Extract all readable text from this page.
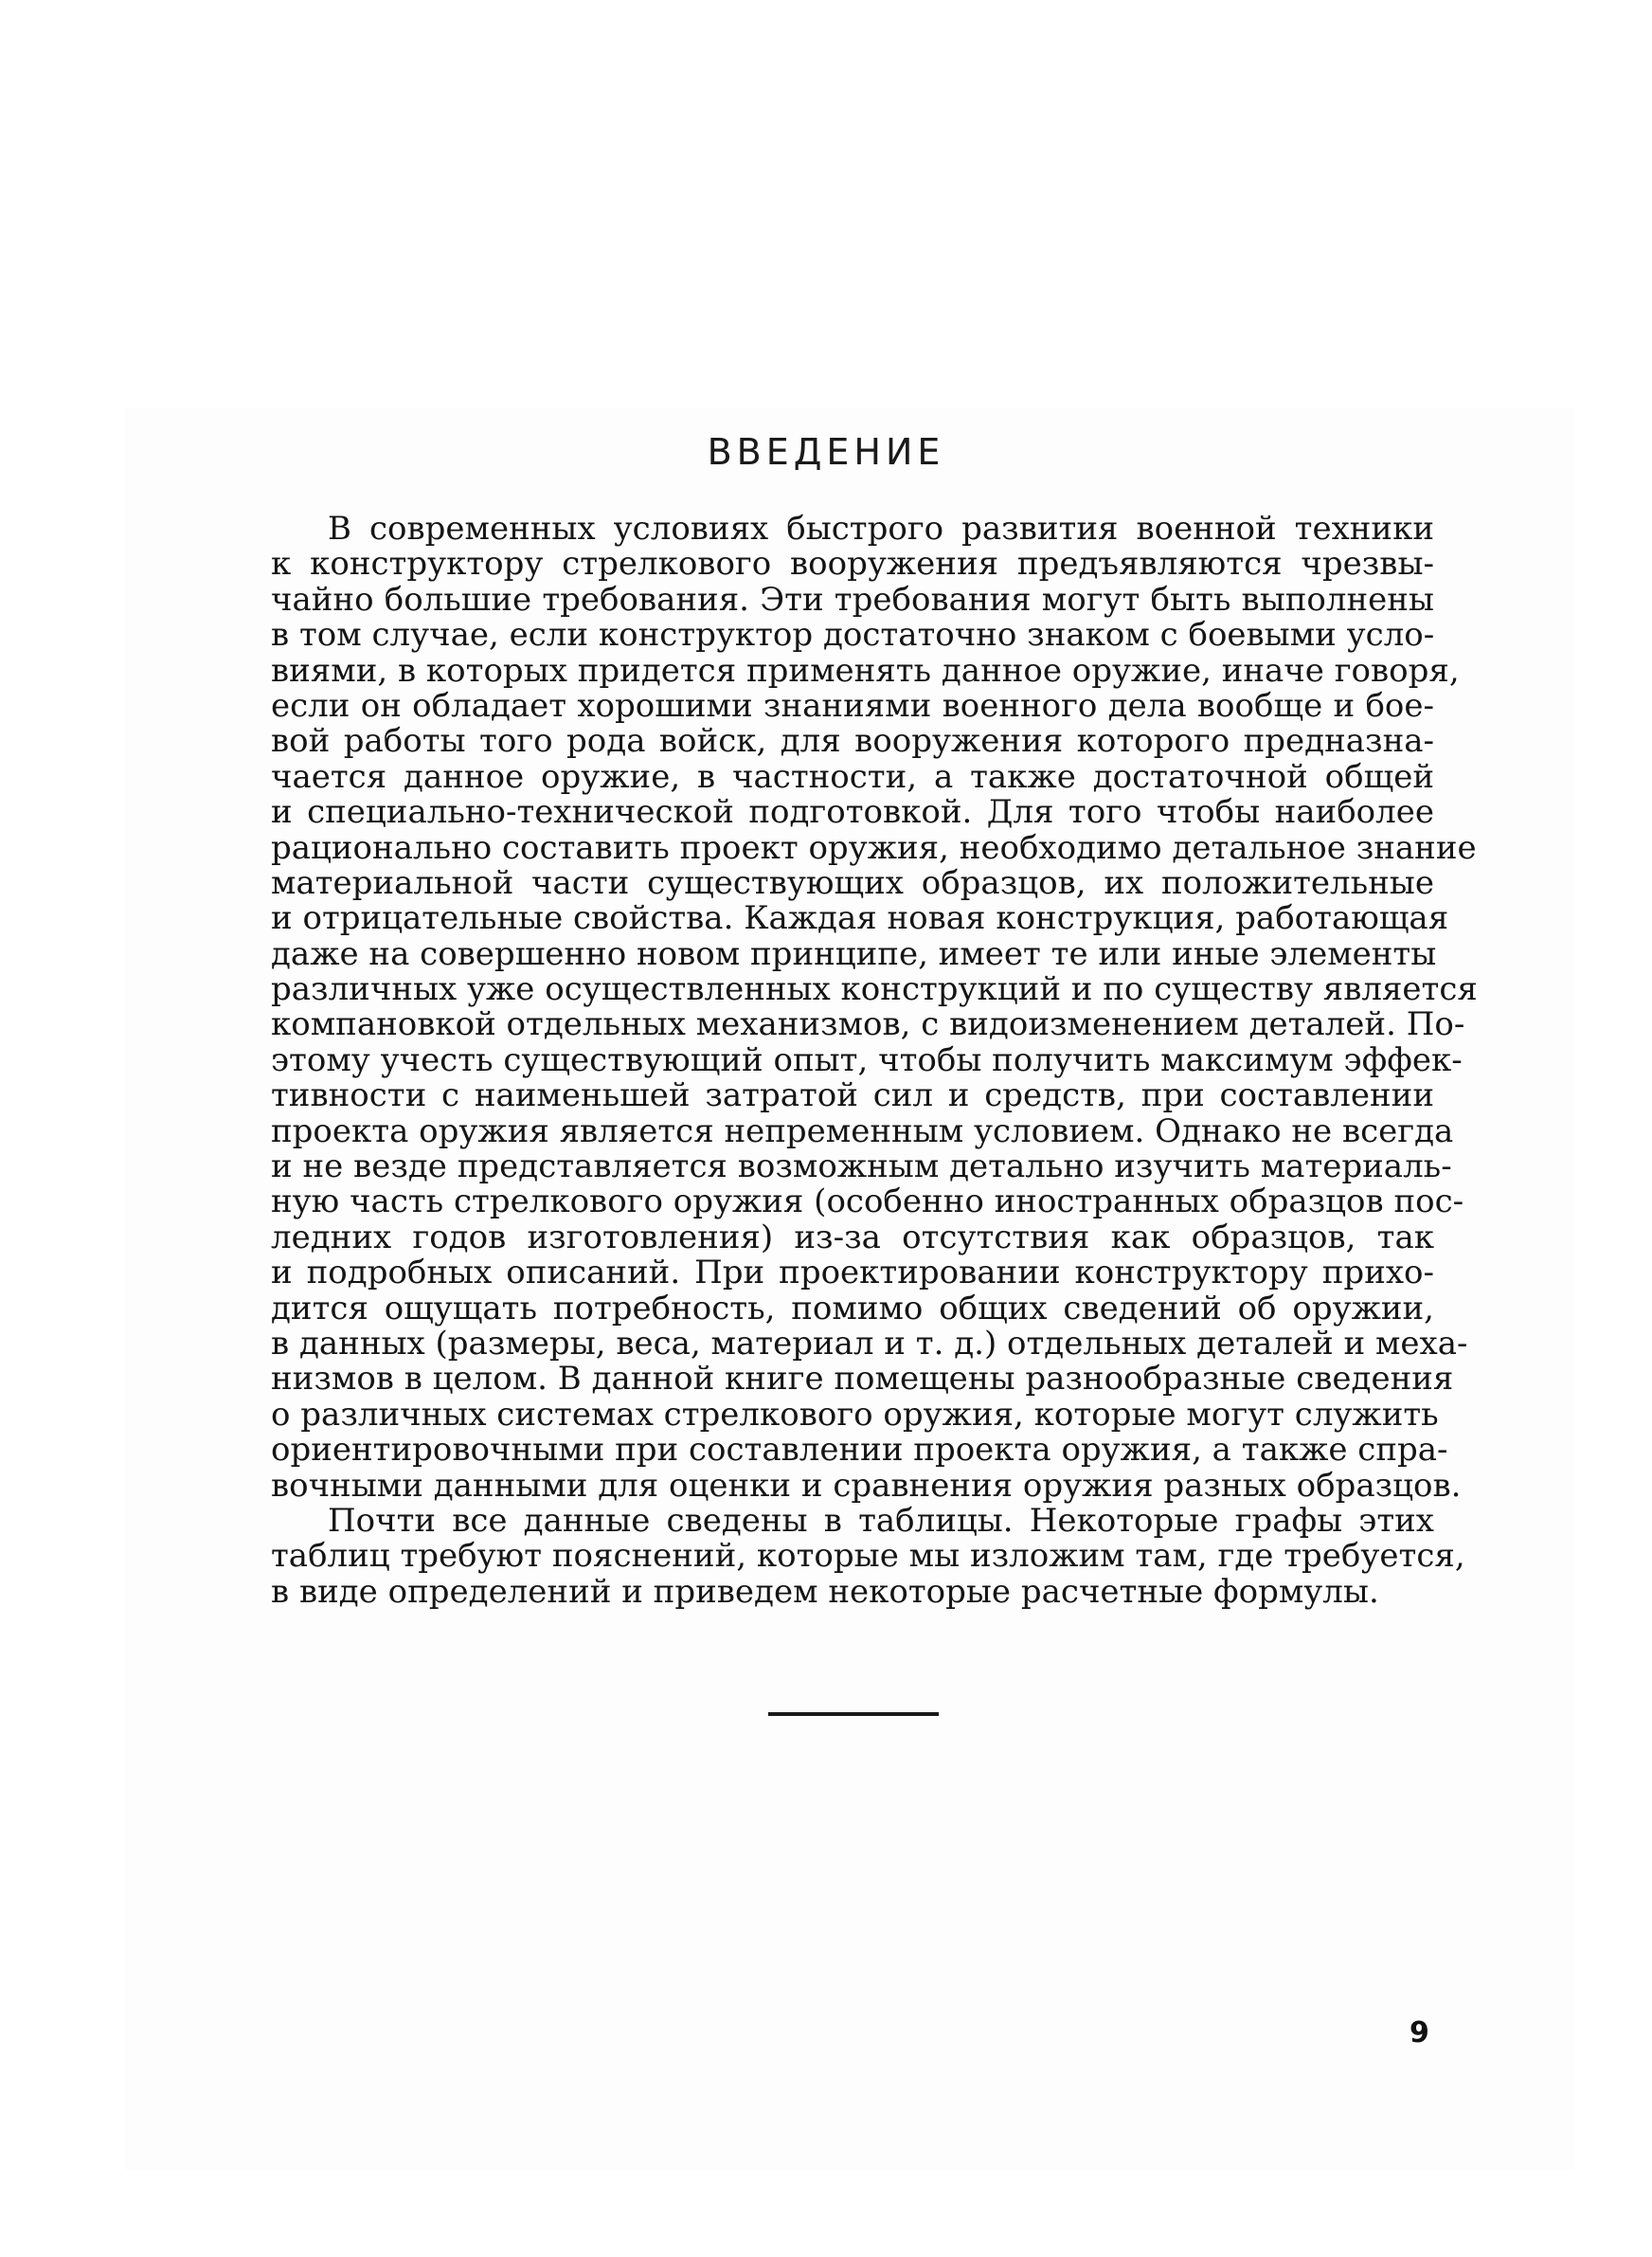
ВВЕДЕНИЕ
В современных условиях быстрого развития военной техники
к конструктору стрелкового вооружения предъявляются чрезвы-
чайно большие требования. Эти требования могут быть выполнены
в том случае, если конструктор достаточно знаком с боевыми усло-
виями, в которых придется применять данное оружие, иначе говоря,
если он обладает хорошими знаниями военного дела вообще и бое-
вой работы того рода войск, для вооружения которого предназна-
чается данное оружие, в частности, а также достаточной общей
и специально-технической подготовкой. Для того чтобы наиболее
рационально составить проект оружия, необходимо детальное знание
материальной части существующих образцов, их положительные
и отрицательные свойства. Каждая новая конструкция, работающая
даже на совершенно новом принципе, имеет те или иные элементы
различных уже осуществленных конструкций и по существу является
компановкой отдельных механизмов, с видоизменением деталей. По-
этому учесть существующий опыт, чтобы получить максимум эффек-
тивности с наименьшей затратой сил и средств, при составлении
проекта оружия является непременным условием. Однако не всегда
и не везде представляется возможным детально изучить материаль-
ную часть стрелкового оружия (особенно иностранных образцов пос-
ледних годов изготовления) из-за отсутствия как образцов, так
и подробных описаний. При проектировании конструктору прихо-
дится ощущать потребность, помимо общих сведений об оружии,
в данных (размеры, веса, материал и т. д.) отдельных деталей и меха-
низмов в целом. В данной книге помещены разнообразные сведения
о различных системах стрелкового оружия, которые могут служить
ориентировочными при составлении проекта оружия, а также спра-
вочными данными для оценки и сравнения оружия разных образцов.
Почти все данные сведены в таблицы. Некоторые графы этих
таблиц требуют пояснений, которые мы изложим там, где требуется,
в виде определений и приведем некоторые расчетные формулы.
9
